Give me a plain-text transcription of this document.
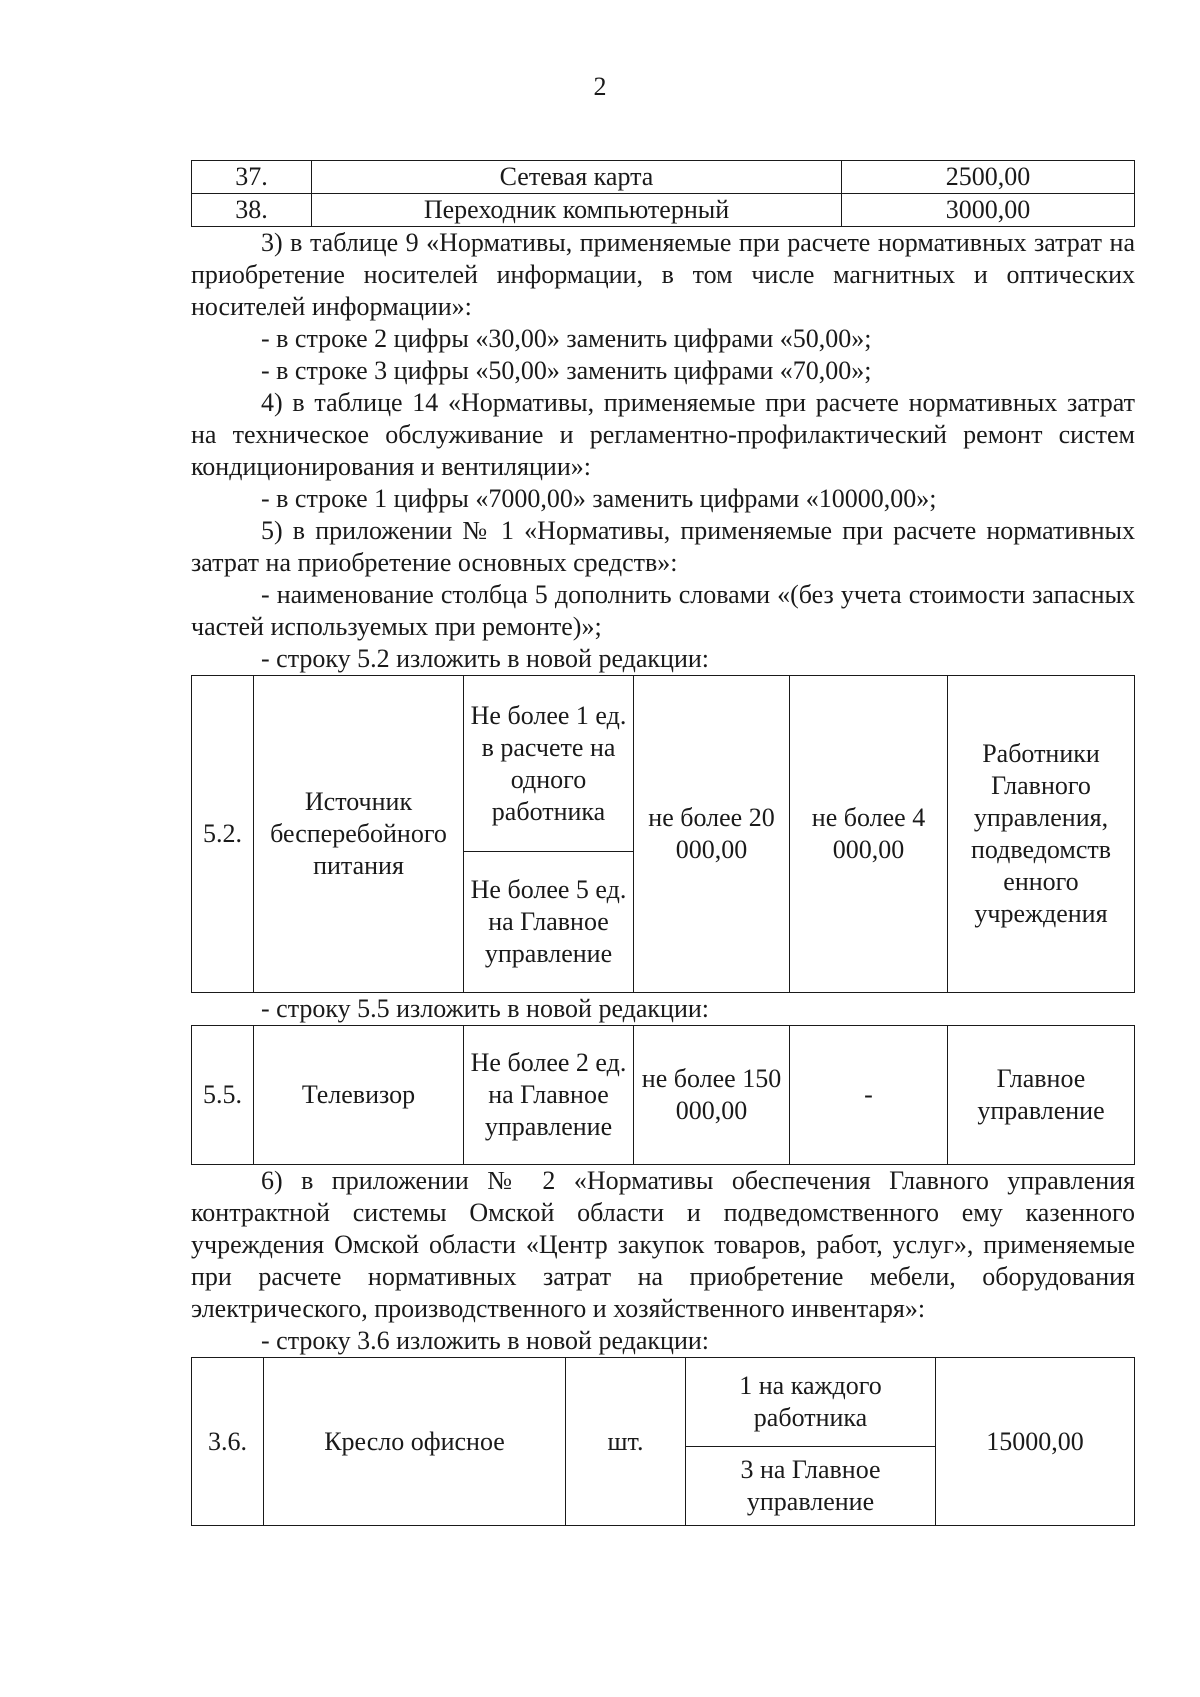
2
37.	Сетевая карта	2500,00
38.	Переходник компьютерный	3000,00

3) в таблице 9 «Нормативы, применяемые при расчете нормативных затрат на приобретение носителей информации, в том числе магнитных и оптических носителей информации»:

- в строке 2 цифры «30,00» заменить цифрами «50,00»;

- в строке 3 цифры «50,00» заменить цифрами «70,00»;

4) в таблице 14 «Нормативы, применяемые при расчете нормативных затрат на техническое обслуживание и регламентно-профилактический ремонт систем кондиционирования и вентиляции»:

- в строке 1 цифры «7000,00» заменить цифрами «10000,00»;

5) в приложении № 1 «Нормативы, применяемые при расчете нормативных затрат на приобретение основных средств»:

- наименование столбца 5 дополнить словами «(без учета стоимости запасных частей используемых при ремонте)»;

- строку 5.2 изложить в новой редакции:

5.2.	Источник бесперебойного питания	Не более 1 ед. в расчете на одного работника	не более 20 000,00	не более 4 000,00	Работники Главного управления, подведомств енного учреждения
Не более 5 ед. на Главное управление

- строку 5.5 изложить в новой редакции:

5.5.	Телевизор	Не более 2 ед. на Главное управление	не более 150 000,00	-	Главное управление

6) в приложении № 2 «Нормативы обеспечения Главного управления контрактной системы Омской области и подведомственного ему казенного учреждения Омской области «Центр закупок товаров, работ, услуг», применяемые при расчете нормативных затрат на приобретение мебели, оборудования электрического, производственного и хозяйственного инвентаря»:

- строку 3.6 изложить в новой редакции:

3.6.	Кресло офисное	шт.	1 на каждого работника	15000,00
3 на Главное управление
